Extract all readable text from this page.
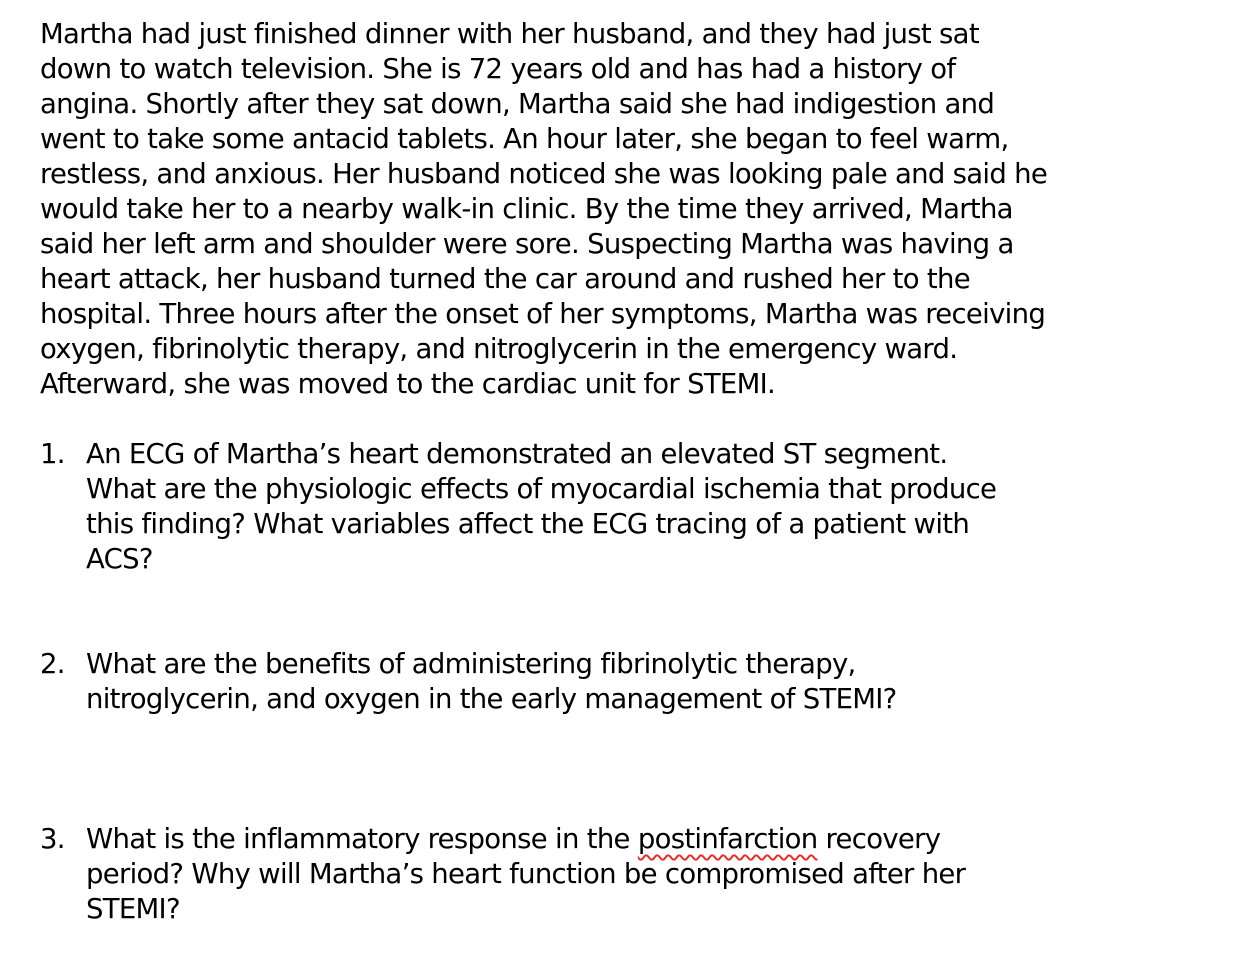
Martha had just finished dinner with her husband, and they had just sat
down to watch television. She is 72 years old and has had a history of
angina. Shortly after they sat down, Martha said she had indigestion and
went to take some antacid tablets. An hour later, she began to feel warm,
restless, and anxious. Her husband noticed she was looking pale and said he
would take her to a nearby walk-in clinic. By the time they arrived, Martha
said her left arm and shoulder were sore. Suspecting Martha was having a
heart attack, her husband turned the car around and rushed her to the
hospital. Three hours after the onset of her symptoms, Martha was receiving
oxygen, fibrinolytic therapy, and nitroglycerin in the emergency ward.
Afterward, she was moved to the cardiac unit for STEMI.

1. An ECG of Martha’s heart demonstrated an elevated ST segment.
What are the physiologic effects of myocardial ischemia that produce
this finding? What variables affect the ECG tracing of a patient with
ACS?
2. What are the benefits of administering fibrinolytic therapy,
nitroglycerin, and oxygen in the early management of STEMI?
3. What is the inflammatory response in the postinfarction recovery
period? Why will Martha’s heart function be compromised after her
STEMI?
